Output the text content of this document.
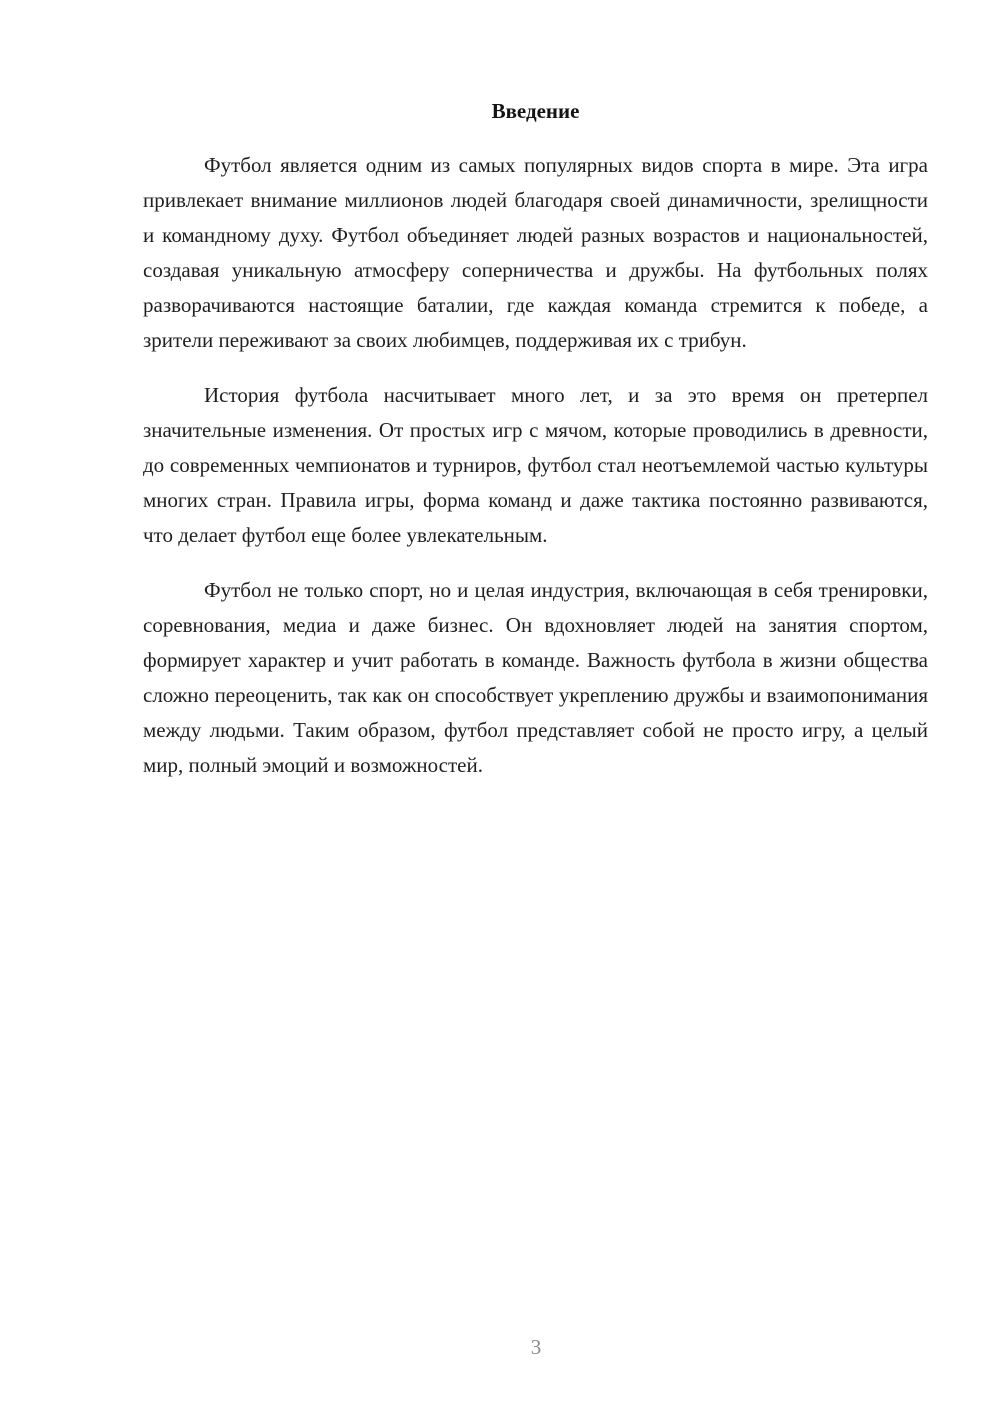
Введение

Футбол является одним из самых популярных видов спорта в мире. Эта игра привлекает внимание миллионов людей благодаря своей динамичности, зрелищности и командному духу. Футбол объединяет людей разных возрастов и национальностей, создавая уникальную атмосферу соперничества и дружбы. На футбольных полях разворачиваются настоящие баталии, где каждая команда стремится к победе, а зрители переживают за своих любимцев, поддерживая их с трибун.

История футбола насчитывает много лет, и за это время он претерпел значительные изменения. От простых игр с мячом, которые проводились в древности, до современных чемпионатов и турниров, футбол стал неотъемлемой частью культуры многих стран. Правила игры, форма команд и даже тактика постоянно развиваются, что делает футбол еще более увлекательным.

Футбол не только спорт, но и целая индустрия, включающая в себя тренировки, соревнования, медиа и даже бизнес. Он вдохновляет людей на занятия спортом, формирует характер и учит работать в команде. Важность футбола в жизни общества сложно переоценить, так как он способствует укреплению дружбы и взаимопонимания между людьми. Таким образом, футбол представляет собой не просто игру, а целый мир, полный эмоций и возможностей.

3
